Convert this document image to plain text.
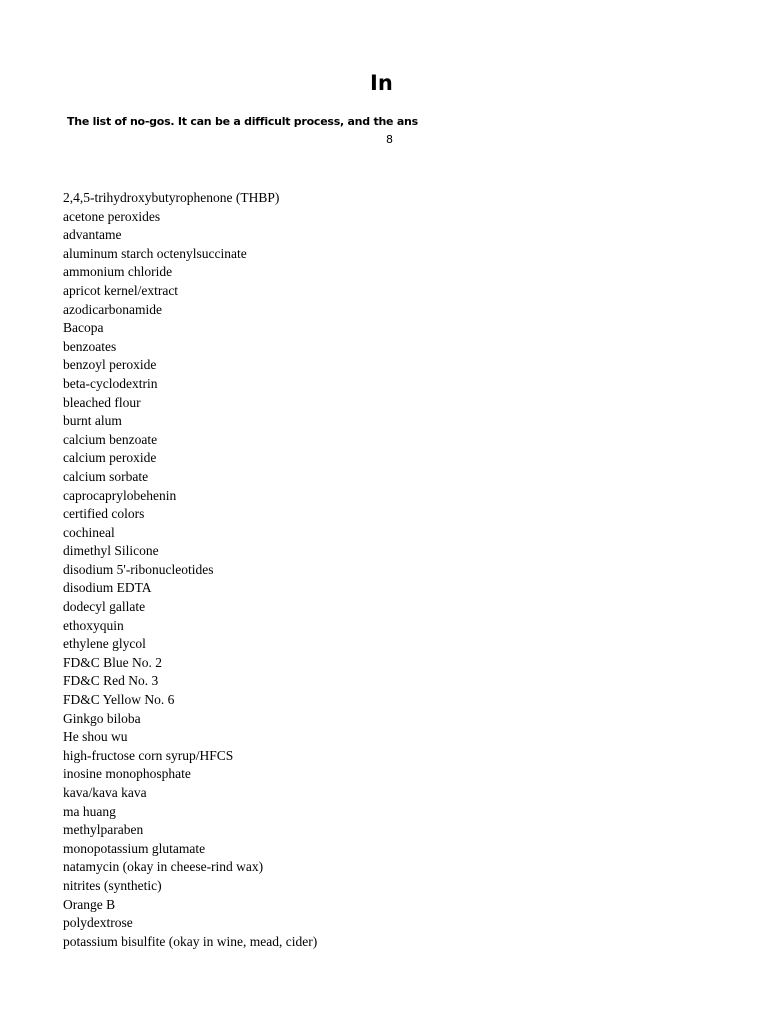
In
The list of no-gos. It can be a difficult process, and the ans
8
2,4,5-trihydroxybutyrophenone (THBP)
acetone peroxides
advantame
aluminum starch octenylsuccinate
ammonium chloride
apricot kernel/extract
azodicarbonamide
Bacopa
benzoates
benzoyl peroxide
beta-cyclodextrin
bleached flour
burnt alum
calcium benzoate
calcium peroxide
calcium sorbate
caprocaprylobehenin
certified colors
cochineal
dimethyl Silicone
disodium 5'-ribonucleotides
disodium EDTA
dodecyl gallate
ethoxyquin
ethylene glycol
FD&C Blue No. 2
FD&C Red No. 3
FD&C Yellow No. 6
Ginkgo biloba
He shou wu
high-fructose corn syrup/HFCS
inosine monophosphate
kava/kava kava
ma huang
methylparaben
monopotassium glutamate
natamycin (okay in cheese-rind wax)
nitrites (synthetic)
Orange B
polydextrose
potassium bisulfite (okay in wine, mead, cider)
